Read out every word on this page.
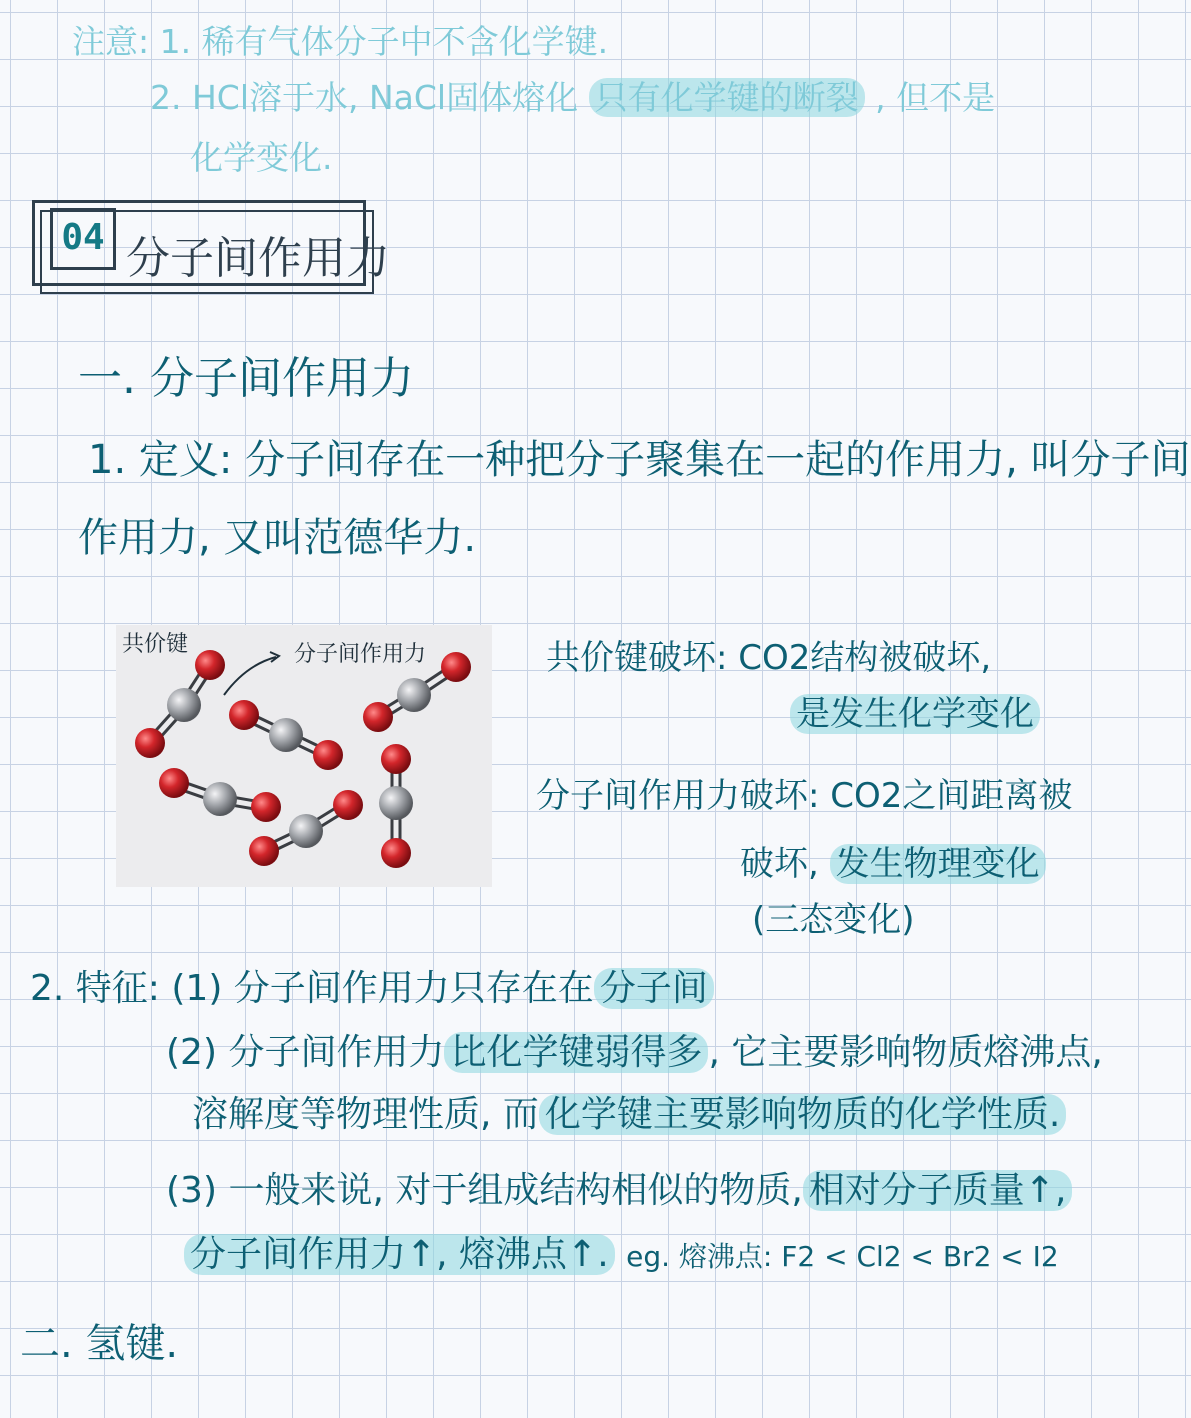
注意: 1. 稀有气体分子中不含化学键.
2. HCl溶于水, NaCl固体熔化 只有化学键的断裂 , 但不是
化学变化.
04 分子间作用力
一. 分子间作用力
1. 定义: 分子间存在一种把分子聚集在一起的作用力, 叫分子间
作用力, 又叫范德华力.
共价键	分子间作用力	共价键破坏: CO2结构被破坏,
是发生化学变化
分子间作用力破坏: CO2之间距离被
破坏, 发生物理变化
(三态变化)
2. 特征: (1) 分子间作用力只存在在 分子间
(2) 分子间作用力 比化学键弱得多 , 它主要影响物质熔沸点,
溶解度等物理性质, 而 化学键主要影响物质的化学性质.
(3) 一般来说, 对于组成结构相似的物质, 相对分子质量↑,
分子间作用力↑, 熔沸点↑. eg. 熔沸点: F2 < Cl2 < Br2 < I2
二. 氢键.
